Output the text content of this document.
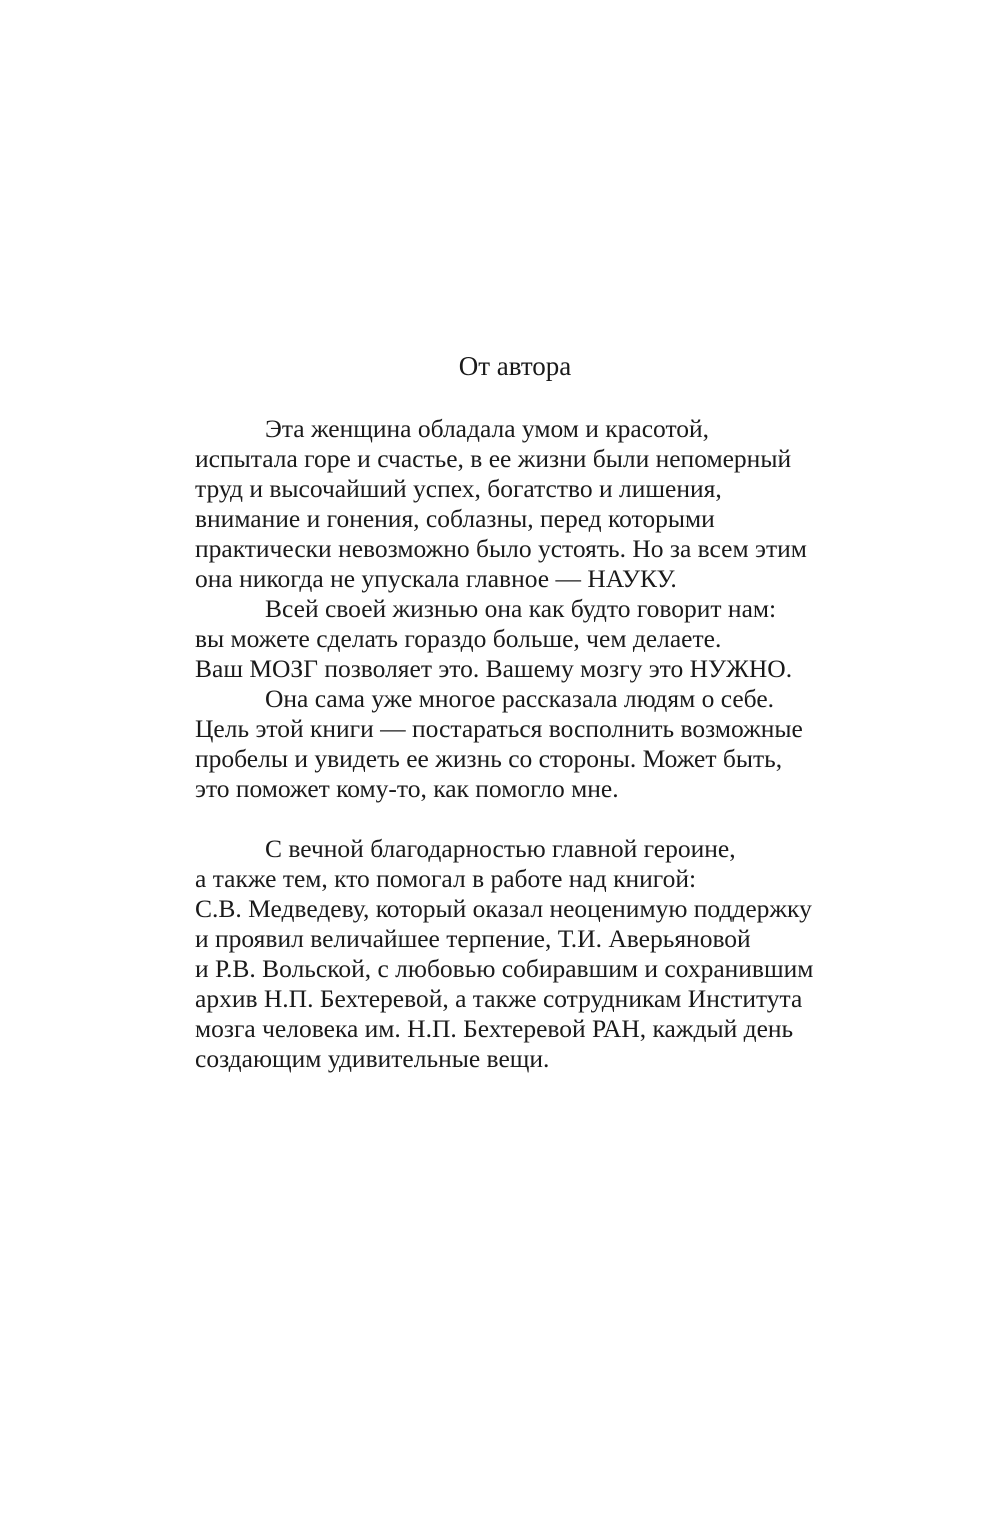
От автора
Эта женщина обладала умом и красотой,
испытала горе и счастье, в ее жизни были непомерный
труд и высочайший успех, богатство и лишения,
внимание и гонения, соблазны, перед которыми
практически невозможно было устоять. Но за всем этим
она никогда не упускала главное — НАУКУ.
Всей своей жизнью она как будто говорит нам:
вы можете сделать гораздо больше, чем делаете.
Ваш МОЗГ позволяет это. Вашему мозгу это НУЖНО.
Она сама уже многое рассказала людям о себе.
Цель этой книги — постараться восполнить возможные
пробелы и увидеть ее жизнь со стороны. Может быть,
это поможет кому-то, как помогло мне.
С вечной благодарностью главной героине,
а также тем, кто помогал в работе над книгой:
С.В. Медведеву, который оказал неоценимую поддержку
и проявил величайшее терпение, Т.И. Аверьяновой
и Р.В. Вольской, с любовью собиравшим и сохранившим
архив Н.П. Бехтеревой, а также сотрудникам Института
мозга человека им. Н.П. Бехтеревой РАН, каждый день
создающим удивительные вещи.
